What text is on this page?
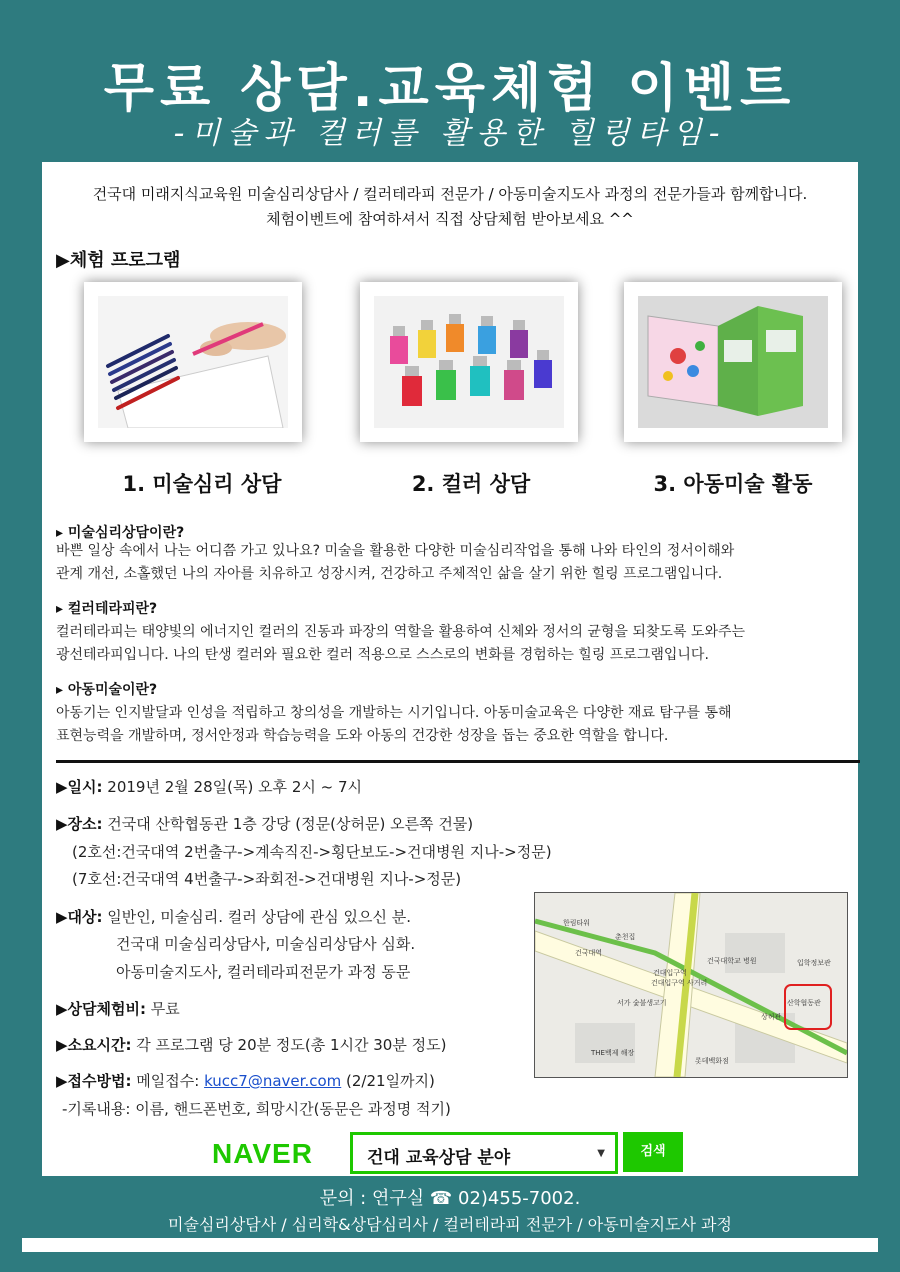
무료 상담.교육체험 이벤트
-미술과 컬러를 활용한 힐링타임-
건국대 미래지식교육원 미술심리상담사 / 컬러테라피 전문가 / 아동미술지도사 과정의 전문가들과 함께합니다.
체험이벤트에 참여하셔서 직접 상담체험 받아보세요 ^^
▶체험 프로그램
1. 미술심리 상담	2. 컬러 상담	3. 아동미술 활동
▸ 미술심리상담이란?
바쁜 일상 속에서 나는 어디쯤 가고 있나요? 미술을 활용한 다양한 미술심리작업을 통해 나와 타인의 정서이해와
관계 개선, 소홀했던 나의 자아를 치유하고 성장시켜, 건강하고 주체적인 삶을 살기 위한 힐링 프로그램입니다.
▸ 컬러테라피란?
컬러테라피는 태양빛의 에너지인 컬러의 진동과 파장의 역할을 활용하여 신체와 정서의 균형을 되찾도록 도와주는
광선테라피입니다. 나의 탄생 컬러와 필요한 컬러 적용으로 스스로의 변화를 경험하는 힐링 프로그램입니다.
▸ 아동미술이란?
아동기는 인지발달과 인성을 적립하고 창의성을 개발하는 시기입니다. 아동미술교육은 다양한 재료 탐구를 통해
표현능력을 개발하며, 정서안정과 학습능력을 도와 아동의 건강한 성장을 돕는 중요한 역할을 합니다.
▶일시: 2019년 2월 28일(목) 오후 2시 ~ 7시
▶장소: 건국대 산학협동관 1층 강당 (정문(상허문) 오른쪽 건물)
(2호선:건국대역 2번출구->계속직진->횡단보도->건대병원 지나->정문)
(7호선:건국대역 4번출구->좌회전->건대병원 지나->정문)
▶대상: 일반인, 미술심리. 컬러 상담에 관심 있으신 분.
건국대 미술심리상담사, 미술심리상담사 심화.
아동미술지도사, 컬러테라피전문가 과정 동문
▶상담체험비: 무료
▶소요시간: 각 프로그램 당 20분 정도(총 1시간 30분 정도)
▶접수방법: 메일접수: kucc7@naver.com (2/21일까지)
-기록내용: 이름, 핸드폰번호, 희망시간(동문은 과정명 적기)
한림타워
춘천집
건국대역
건국대학교 병원	입학정보관
산학협동관
건대입구역 사거리
서가 숯불생고기
THE백제 해장
롯데백화점
상허관
건대입구역
NAVER	건대 교육상담 분야	▼	검색
문의 : 연구실 ☎ 02)455-7002.
미술심리상담사 / 심리학&상담심리사 / 컬러테라피 전문가 / 아동미술지도사 과정
